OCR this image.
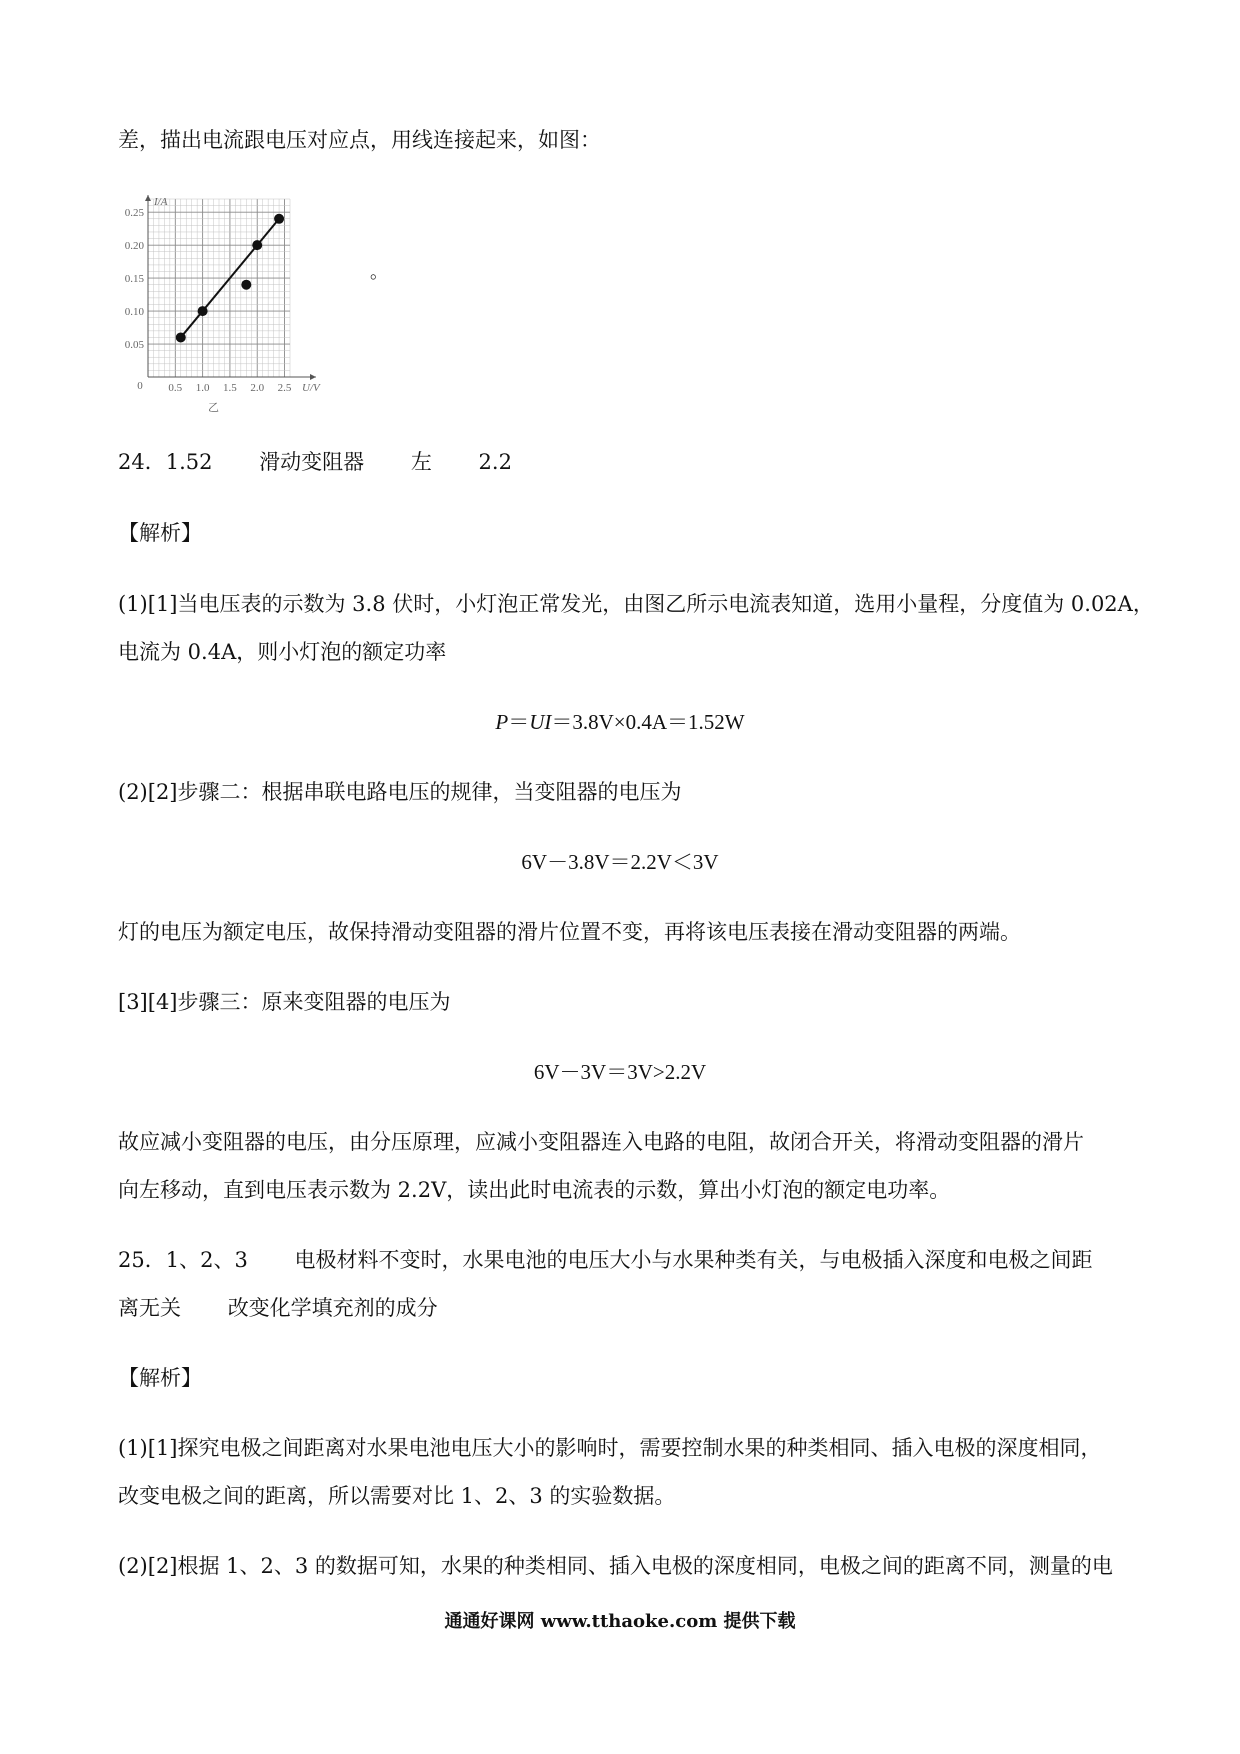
差，描出电流跟电压对应点，用线连接起来，如图：
0.5 1.0 1.5 2.0 2.5
0.05
0.10
0.15
0.20
0.25
0	U/V
I/A
乙
。
24．1.52 滑动变阻器 左 2.2
【解析】
(1)[1]当电压表的示数为 3.8 伏时，小灯泡正常发光，由图乙所示电流表知道，选用小量程，分度值为 0.02A，
电流为 0.4A，则小灯泡的额定功率
P＝UI＝3.8V×0.4A＝1.52W
(2)[2]步骤二：根据串联电路电压的规律，当变阻器的电压为
6V－3.8V＝2.2V＜3V
灯的电压为额定电压，故保持滑动变阻器的滑片位置不变，再将该电压表接在滑动变阻器的两端。
[3][4]步骤三：原来变阻器的电压为
6V－3V＝3V>2.2V
故应减小变阻器的电压，由分压原理，应减小变阻器连入电路的电阻，故闭合开关，将滑动变阻器的滑片
向左移动，直到电压表示数为 2.2V，读出此时电流表的示数，算出小灯泡的额定电功率。
25．1、2、3 电极材料不变时，水果电池的电压大小与水果种类有关，与电极插入深度和电极之间距
离无关 改变化学填充剂的成分
【解析】
(1)[1]探究电极之间距离对水果电池电压大小的影响时，需要控制水果的种类相同、插入电极的深度相同，
改变电极之间的距离，所以需要对比 1、2、3 的实验数据。
(2)[2]根据 1、2、3 的数据可知，水果的种类相同、插入电极的深度相同，电极之间的距离不同，测量的电
通通好课网 www.tthaoke.com 提供下载
